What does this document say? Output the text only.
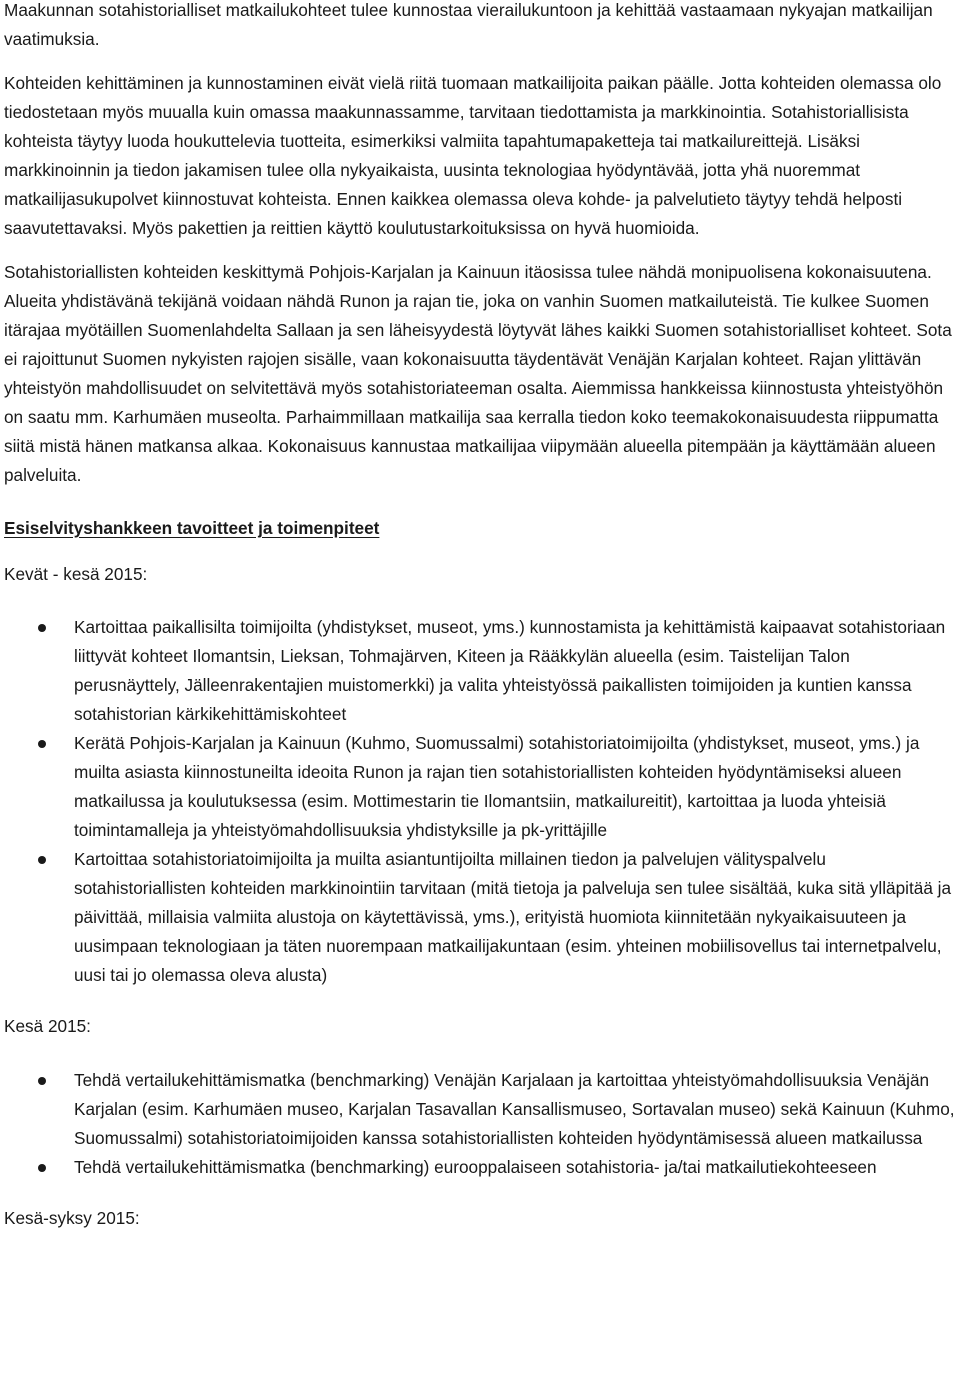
Maakunnan sotahistorialliset matkailukohteet tulee kunnostaa vierailukuntoon ja kehittää vastaamaan nykyajan matkailijan vaatimuksia.

Kohteiden kehittäminen ja kunnostaminen eivät vielä riitä tuomaan matkailijoita paikan päälle. Jotta kohteiden olemassa olo tiedostetaan myös muualla kuin omassa maakunnassamme, tarvitaan tiedottamista ja markkinointia. Sotahistoriallisista kohteista täytyy luoda houkuttelevia tuotteita, esimerkiksi valmiita tapahtumapaketteja tai matkailureittejä. Lisäksi markkinoinnin ja tiedon jakamisen tulee olla nykyaikaista, uusinta teknologiaa hyödyntävää, jotta yhä nuoremmat matkailijasukupolvet kiinnostuvat kohteista. Ennen kaikkea olemassa oleva kohde- ja palvelutieto täytyy tehdä helposti saavutettavaksi. Myös pakettien ja reittien käyttö koulutustarkoituksissa on hyvä huomioida.

Sotahistoriallisten kohteiden keskittymä Pohjois-Karjalan ja Kainuun itäosissa tulee nähdä monipuolisena kokonaisuutena. Alueita yhdistävänä tekijänä voidaan nähdä Runon ja rajan tie, joka on vanhin Suomen matkailuteistä. Tie kulkee Suomen itärajaa myötäillen Suomenlahdelta Sallaan ja sen läheisyydestä löytyvät lähes kaikki Suomen sotahistorialliset kohteet. Sota ei rajoittunut Suomen nykyisten rajojen sisälle, vaan kokonaisuutta täydentävät Venäjän Karjalan kohteet. Rajan ylittävän yhteistyön mahdollisuudet on selvitettävä myös sotahistoriateeman osalta. Aiemmissa hankkeissa kiinnostusta yhteistyöhön on saatu mm. Karhumäen museolta. Parhaimmillaan matkailija saa kerralla tiedon koko teemakokonaisuudesta riippumatta siitä mistä hänen matkansa alkaa. Kokonaisuus kannustaa matkailijaa viipymään alueella pitempään ja käyttämään alueen palveluita.

Esiselvityshankkeen tavoitteet ja toimenpiteet

Kevät - kesä 2015:

Kartoittaa paikallisilta toimijoilta (yhdistykset, museot, yms.) kunnostamista ja kehittämistä kaipaavat sotahistoriaan liittyvät kohteet Ilomantsin, Lieksan, Tohmajärven, Kiteen ja Rääkkylän alueella (esim. Taistelijan Talon perusnäyttely, Jälleenrakentajien muistomerkki) ja valita yhteistyössä paikallisten toimijoiden ja kuntien kanssa sotahistorian kärkikehittämiskohteet
Kerätä Pohjois-Karjalan ja Kainuun (Kuhmo, Suomussalmi) sotahistoriatoimijoilta (yhdistykset, museot, yms.) ja muilta asiasta kiinnostuneilta ideoita Runon ja rajan tien sotahistoriallisten kohteiden hyödyntämiseksi alueen matkailussa ja koulutuksessa (esim. Mottimestarin tie Ilomantsiin, matkailureitit), kartoittaa ja luoda yhteisiä toimintamalleja ja yhteistyömahdollisuuksia yhdistyksille ja pk-yrittäjille
Kartoittaa sotahistoriatoimijoilta ja muilta asiantuntijoilta millainen tiedon ja palvelujen välityspalvelu sotahistoriallisten kohteiden markkinointiin tarvitaan (mitä tietoja ja palveluja sen tulee sisältää, kuka sitä ylläpitää ja päivittää, millaisia valmiita alustoja on käytettävissä, yms.), erityistä huomiota kiinnitetään nykyaikaisuuteen ja uusimpaan teknologiaan ja täten nuorempaan matkailijakuntaan (esim. yhteinen mobiilisovellus tai internetpalvelu, uusi tai jo olemassa oleva alusta)

Kesä 2015:

Tehdä vertailukehittämismatka (benchmarking) Venäjän Karjalaan ja kartoittaa yhteistyömahdollisuuksia Venäjän Karjalan (esim. Karhumäen museo, Karjalan Tasavallan Kansallismuseo, Sortavalan museo) sekä Kainuun (Kuhmo, Suomussalmi) sotahistoriatoimijoiden kanssa sotahistoriallisten kohteiden hyödyntämisessä alueen matkailussa
Tehdä vertailukehittämismatka (benchmarking) eurooppalaiseen sotahistoria- ja/tai matkailutiekohteeseen

Kesä-syksy 2015:
